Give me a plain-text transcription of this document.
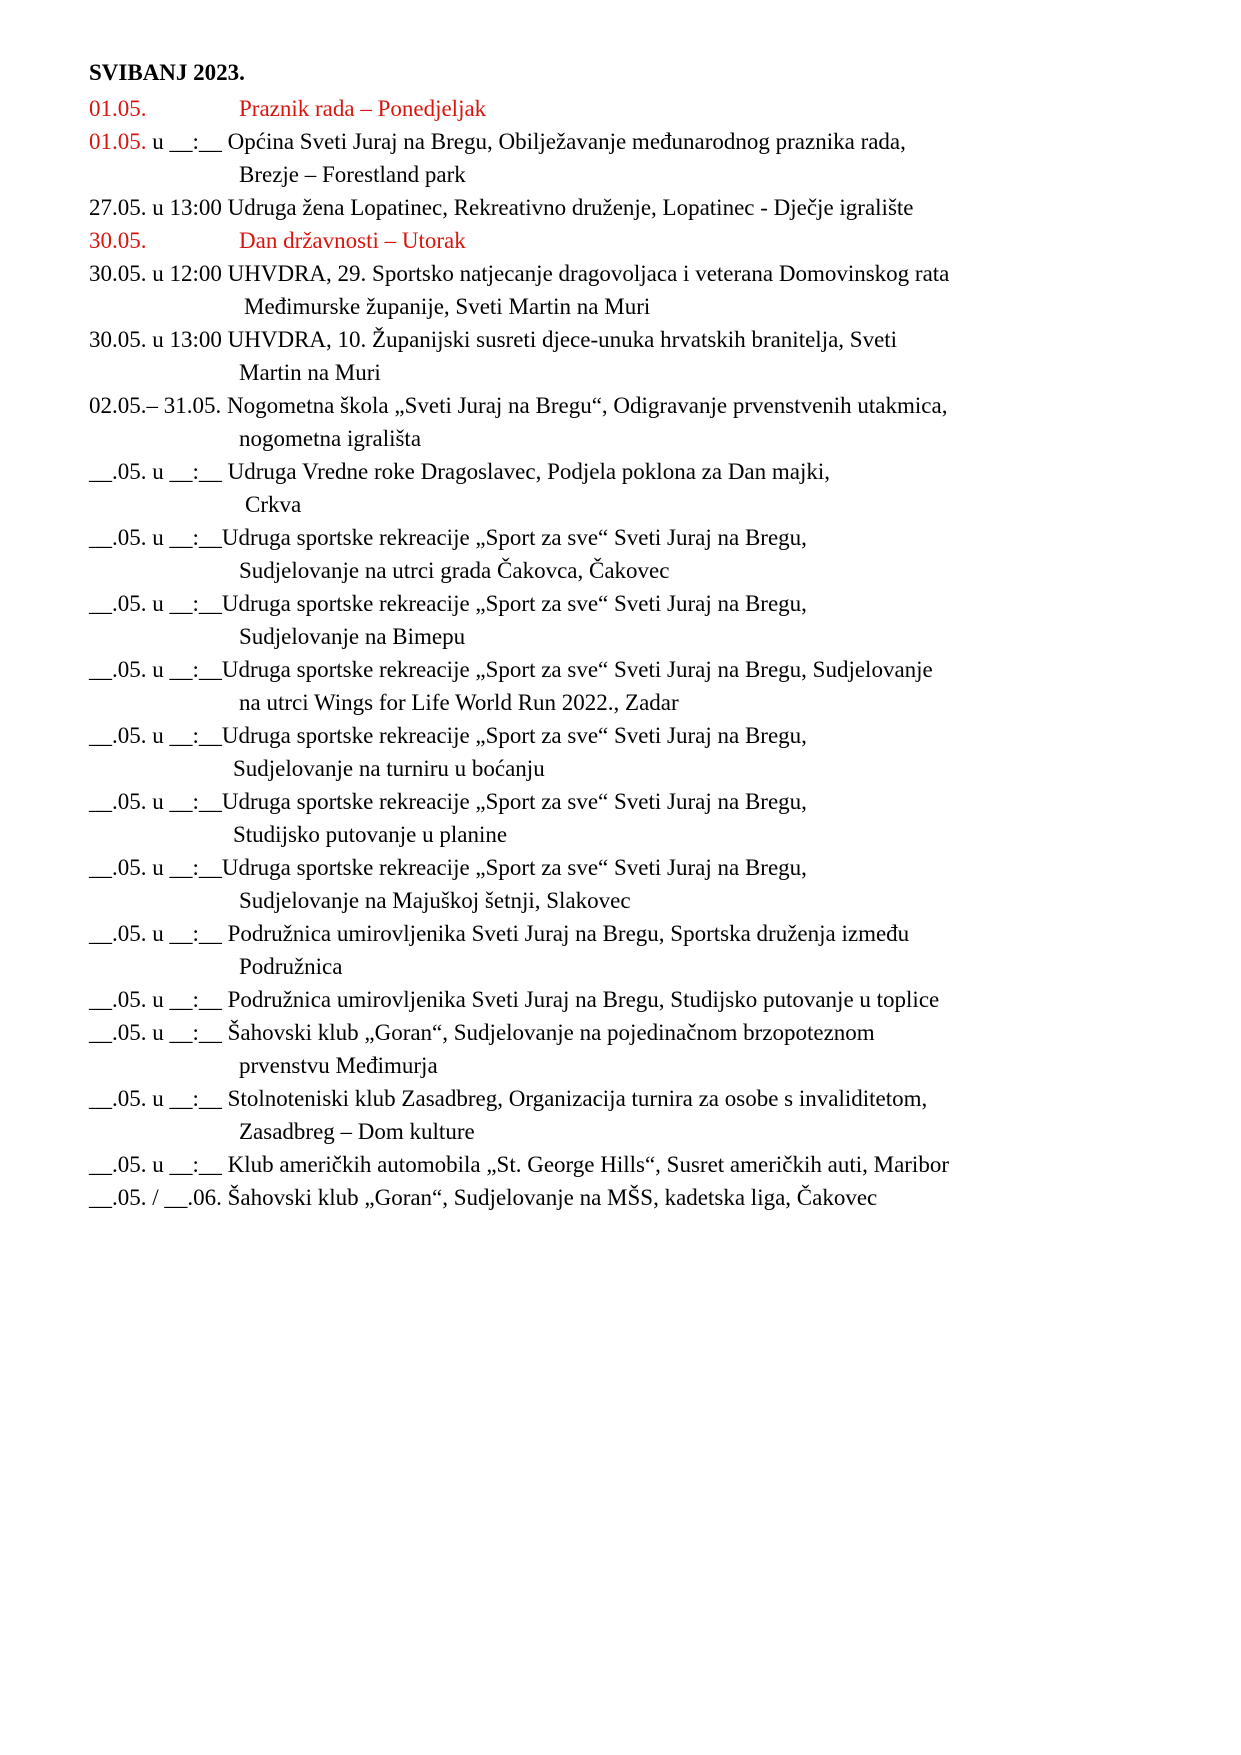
SVIBANJ 2023.
01.05.	Praznik rada – Ponedjeljak
01.05. u __:__ Općina Sveti Juraj na Bregu, Obilježavanje međunarodnog praznika rada,
Brezje – Forestland park
27.05. u 13:00 Udruga žena Lopatinec, Rekreativno druženje, Lopatinec - Dječje igralište
30.05.	Dan državnosti – Utorak
30.05. u 12:00 UHVDRA, 29. Sportsko natjecanje dragovoljaca i veterana Domovinskog rata
Međimurske županije, Sveti Martin na Muri
30.05. u 13:00 UHVDRA, 10. Županijski susreti djece-unuka hrvatskih branitelja, Sveti
Martin na Muri
02.05.– 31.05. Nogometna škola „Sveti Juraj na Bregu“, Odigravanje prvenstvenih utakmica,
nogometna igrališta
__.05. u __:__ Udruga Vredne roke Dragoslavec, Podjela poklona za Dan majki,
Crkva
__.05. u __:__Udruga sportske rekreacije „Sport za sve“ Sveti Juraj na Bregu,
Sudjelovanje na utrci grada Čakovca, Čakovec
__.05. u __:__Udruga sportske rekreacije „Sport za sve“ Sveti Juraj na Bregu,
Sudjelovanje na Bimepu
__.05. u __:__Udruga sportske rekreacije „Sport za sve“ Sveti Juraj na Bregu, Sudjelovanje
na utrci Wings for Life World Run 2022., Zadar
__.05. u __:__Udruga sportske rekreacije „Sport za sve“ Sveti Juraj na Bregu,
Sudjelovanje na turniru u boćanju
__.05. u __:__Udruga sportske rekreacije „Sport za sve“ Sveti Juraj na Bregu,
Studijsko putovanje u planine
__.05. u __:__Udruga sportske rekreacije „Sport za sve“ Sveti Juraj na Bregu,
Sudjelovanje na Majuškoj šetnji, Slakovec
__.05. u __:__ Podružnica umirovljenika Sveti Juraj na Bregu, Sportska druženja između
Podružnica
__.05. u __:__ Podružnica umirovljenika Sveti Juraj na Bregu, Studijsko putovanje u toplice
__.05. u __:__ Šahovski klub „Goran“, Sudjelovanje na pojedinačnom brzopoteznom
prvenstvu Međimurja
__.05. u __:__ Stolnoteniski klub Zasadbreg, Organizacija turnira za osobe s invaliditetom,
Zasadbreg – Dom kulture
__.05. u __:__ Klub američkih automobila „St. George Hills“, Susret američkih auti, Maribor
__.05. / __.06. Šahovski klub „Goran“, Sudjelovanje na MŠS, kadetska liga, Čakovec
